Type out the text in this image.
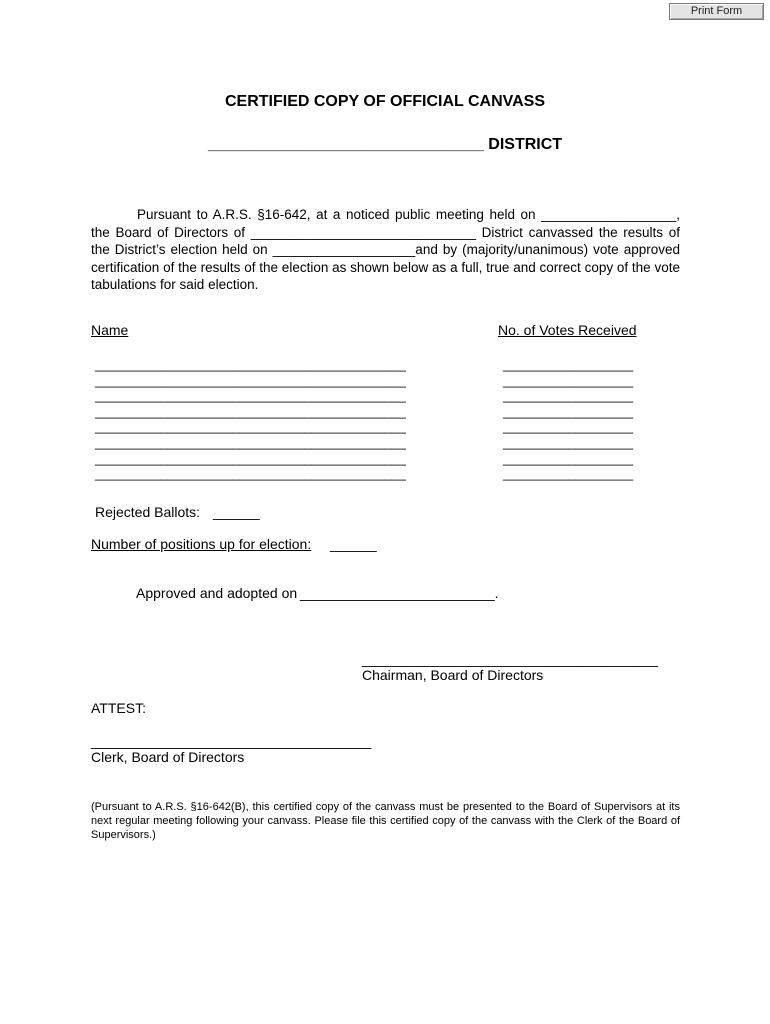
Print Form
CERTIFIED COPY OF OFFICIAL CANVASS
_______________________________ DISTRICT
Pursuant to A.R.S. §16-642, at a noticed public meeting held on __________________, the Board of Directors of ______________________________ District canvassed the results of the District’s election held on ___________________and by (majority/unanimous) vote approved certification of the results of the election as shown below as a full, true and correct copy of the vote tabulations for said election.
Name	No. of Votes Received
___________________________________________
___________________________________________
___________________________________________
___________________________________________
___________________________________________
___________________________________________
___________________________________________
___________________________________________
__________________
__________________
__________________
__________________
__________________
__________________
__________________
__________________
Rejected Ballots: ______
Number of positions up for election: ______
Approved and adopted on _________________________.
______________________________________
Chairman, Board of Directors
ATTEST:
____________________________________
Clerk, Board of Directors
(Pursuant to A.R.S. §16-642(B), this certified copy of the canvass must be presented to the Board of Supervisors at its next regular meeting following your canvass. Please file this certified copy of the canvass with the Clerk of the Board of Supervisors.)
